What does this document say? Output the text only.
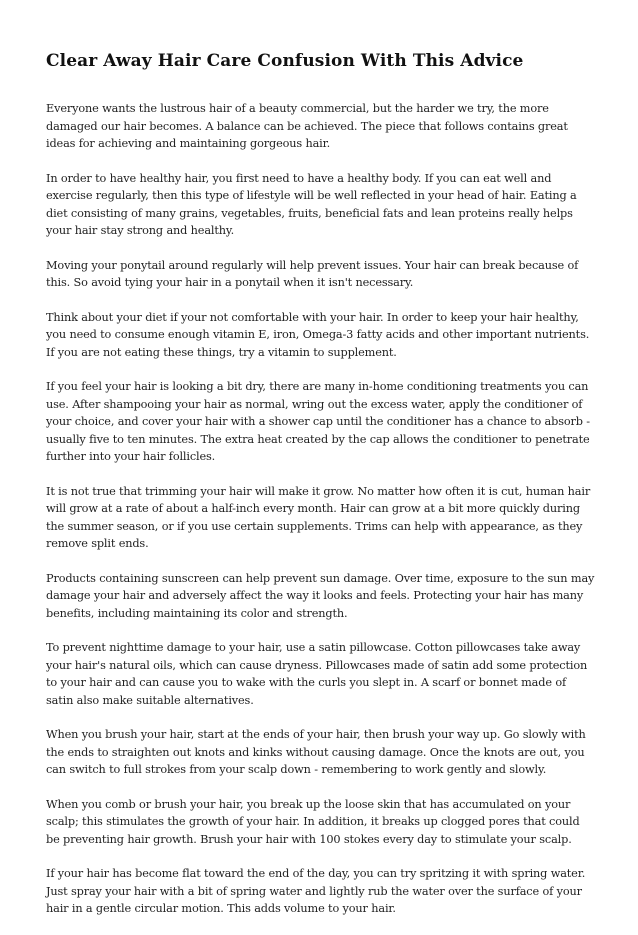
Clear Away Hair Care Confusion With This Advice

Everyone wants the lustrous hair of a beauty commercial, but the harder we try, the more damaged our hair becomes. A balance can be achieved. The piece that follows contains great ideas for achieving and maintaining gorgeous hair.

In order to have healthy hair, you first need to have a healthy body. If you can eat well and exercise regularly, then this type of lifestyle will be well reflected in your head of hair. Eating a diet consisting of many grains, vegetables, fruits, beneficial fats and lean proteins really helps your hair stay strong and healthy.

Moving your ponytail around regularly will help prevent issues. Your hair can break because of this. So avoid tying your hair in a ponytail when it isn't necessary.

Think about your diet if your not comfortable with your hair. In order to keep your hair healthy, you need to consume enough vitamin E, iron, Omega-3 fatty acids and other important nutrients. If you are not eating these things, try a vitamin to supplement.

If you feel your hair is looking a bit dry, there are many in-home conditioning treatments you can use. After shampooing your hair as normal, wring out the excess water, apply the conditioner of your choice, and cover your hair with a shower cap until the conditioner has a chance to absorb - usually five to ten minutes. The extra heat created by the cap allows the conditioner to penetrate further into your hair follicles.

It is not true that trimming your hair will make it grow. No matter how often it is cut, human hair will grow at a rate of about a half-inch every month. Hair can grow at a bit more quickly during the summer season, or if you use certain supplements. Trims can help with appearance, as they remove split ends.

Products containing sunscreen can help prevent sun damage. Over time, exposure to the sun may damage your hair and adversely affect the way it looks and feels. Protecting your hair has many benefits, including maintaining its color and strength.

To prevent nighttime damage to your hair, use a satin pillowcase. Cotton pillowcases take away your hair's natural oils, which can cause dryness. Pillowcases made of satin add some protection to your hair and can cause you to wake with the curls you slept in. A scarf or bonnet made of satin also make suitable alternatives.

When you brush your hair, start at the ends of your hair, then brush your way up. Go slowly with the ends to straighten out knots and kinks without causing damage. Once the knots are out, you can switch to full strokes from your scalp down - remembering to work gently and slowly.

When you comb or brush your hair, you break up the loose skin that has accumulated on your scalp; this stimulates the growth of your hair. In addition, it breaks up clogged pores that could be preventing hair growth. Brush your hair with 100 stokes every day to stimulate your scalp.

If your hair has become flat toward the end of the day, you can try spritzing it with spring water. Just spray your hair with a bit of spring water and lightly rub the water over the surface of your hair in a gentle circular motion. This adds volume to your hair.
